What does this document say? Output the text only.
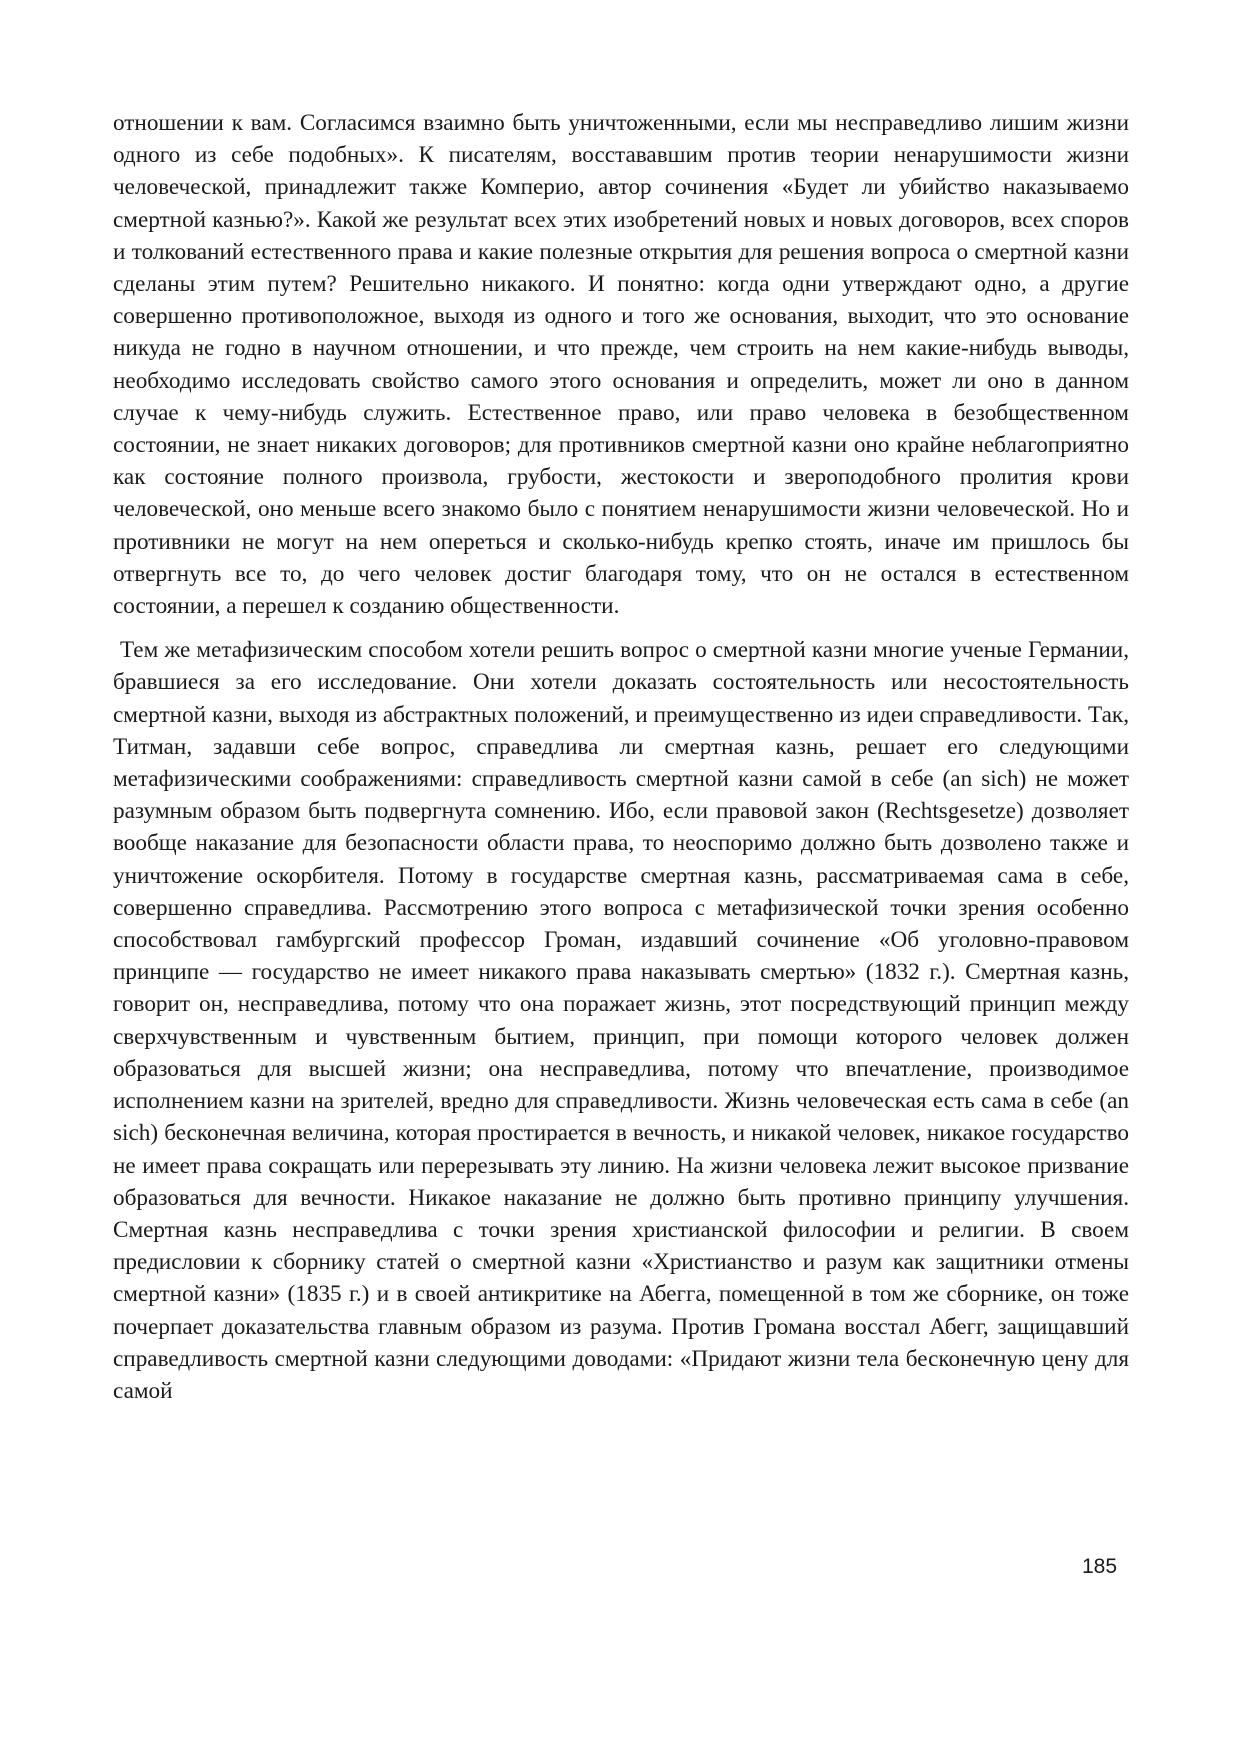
отношении к вам. Согласимся взаимно быть уничтоженными, если мы несправедливо лишим жизни одного из себе подобных». К писателям, восстававшим против теории ненарушимости жизни человеческой, принадлежит также Комперио, автор сочинения «Будет ли убийство наказываемо смертной казнью?». Какой же результат всех этих изобретений новых и новых договоров, всех споров и толкований естественного права и какие полезные открытия для решения вопроса о смертной казни сделаны этим путем? Решительно никакого. И понятно: когда одни утверждают одно, а другие совершенно противоположное, выходя из одного и того же основания, выходит, что это основание никуда не годно в научном отношении, и что прежде, чем строить на нем какие-нибудь выводы, необходимо исследовать свойство самого этого основания и определить, может ли оно в данном случае к чему-нибудь служить. Естественное право, или право человека в безобщественном состоянии, не знает никаких договоров; для противников смертной казни оно крайне неблагоприятно как состояние полного произвола, грубости, жестокости и звероподобного пролития крови человеческой, оно меньше всего знакомо было с понятием ненарушимости жизни человеческой. Но и противники не могут на нем опереться и сколько-нибудь крепко стоять, иначе им пришлось бы отвергнуть все то, до чего человек достиг благодаря тому, что он не остался в естественном состоянии, а перешел к созданию общественности.

Тем же метафизическим способом хотели решить вопрос о смертной казни многие ученые Германии, бравшиеся за его исследование. Они хотели доказать состоятельность или несостоятельность смертной казни, выходя из абстрактных положений, и преимущественно из идеи справедливости. Так, Титман, задавши себе вопрос, справедлива ли смертная казнь, решает его следующими метафизическими соображениями: справедливость смертной казни самой в себе (an sich) не может разумным образом быть подвергнута сомнению. Ибо, если правовой закон (Rechtsgesetze) дозволяет вообще наказание для безопасности области права, то неоспоримо должно быть дозволено также и уничтожение оскорбителя. Потому в государстве смертная казнь, рассматриваемая сама в себе, совершенно справедлива. Рассмотрению этого вопроса с метафизической точки зрения особенно способствовал гамбургский профессор Громан, издавший сочинение «Об уголовно-правовом принципе — государство не имеет никакого права наказывать смертью» (1832 г.). Смертная казнь, говорит он, несправедлива, потому что она поражает жизнь, этот посредствующий принцип между сверхчувственным и чувственным бытием, принцип, при помощи которого человек должен образоваться для высшей жизни; она несправедлива, потому что впечатление, производимое исполнением казни на зрителей, вредно для справедливости. Жизнь человеческая есть сама в себе (an sich) бесконечная величина, которая простирается в вечность, и никакой человек, никакое государство не имеет права сокращать или перерезывать эту линию. На жизни человека лежит высокое призвание образоваться для вечности. Никакое наказание не должно быть противно принципу улучшения. Смертная казнь несправедлива с точки зрения христианской философии и религии. В своем предисловии к сборнику статей о смертной казни «Христианство и разум как защитники отмены смертной казни» (1835 г.) и в своей антикритике на Абегга, помещенной в том же сборнике, он тоже почерпает доказательства главным образом из разума. Против Громана восстал Абегг, защищавший справедливость смертной казни следующими доводами: «Придают жизни тела бесконечную цену для самой

185
